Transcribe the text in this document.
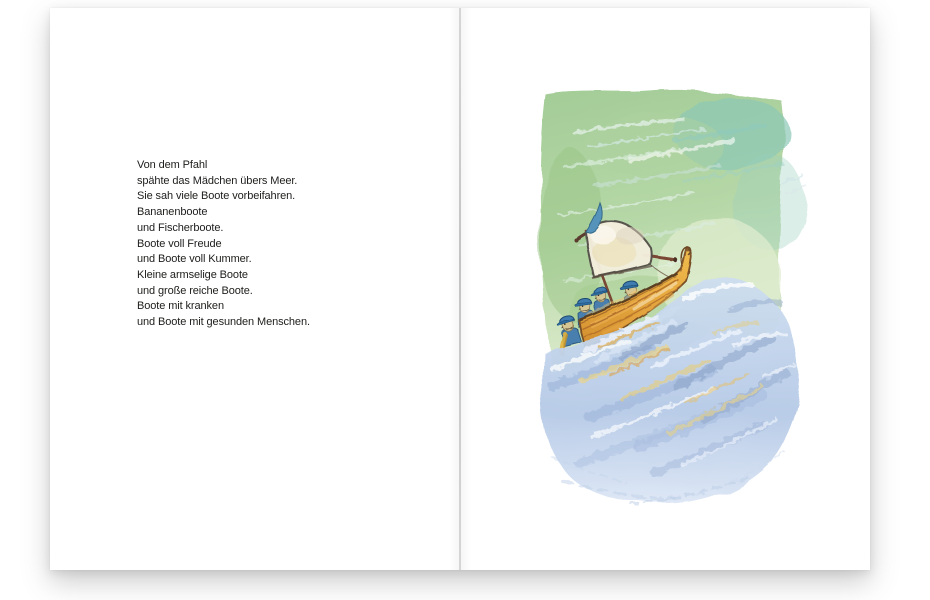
Von dem Pfahl
spähte das Mädchen übers Meer.
Sie sah viele Boote vorbeifahren.
Bananenboote
und Fischerboote.
Boote voll Freude
und Boote voll Kummer.
Kleine armselige Boote
und große reiche Boote.
Boote mit kranken
und Boote mit gesunden Menschen.
